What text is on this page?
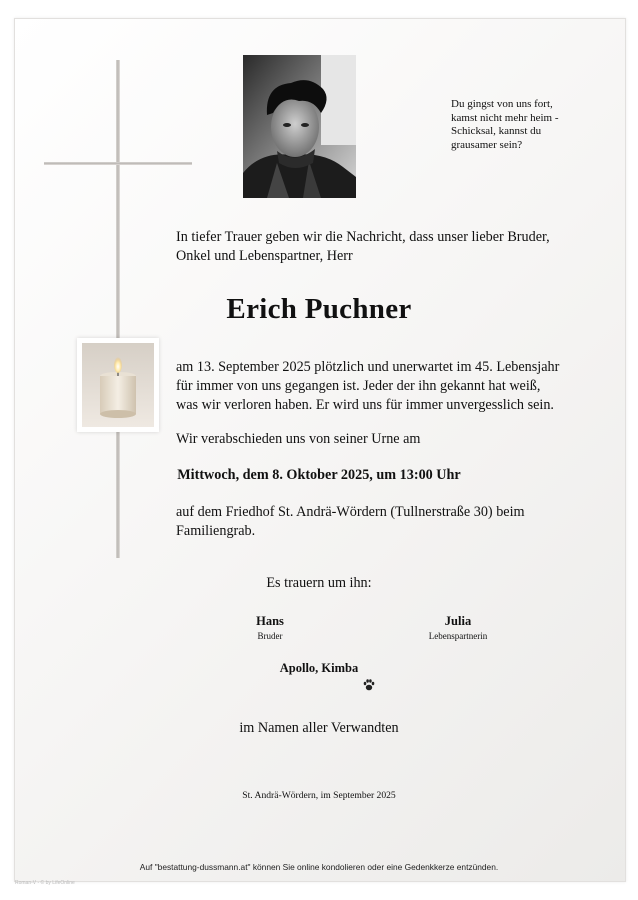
Du gingst von uns fort,
kamst nicht mehr heim -
Schicksal, kannst du
grausamer sein?

In tiefer Trauer geben wir die Nachricht, dass unser lieber Bruder,
Onkel und Lebenspartner, Herr

Erich Puchner

am 13. September 2025 plötzlich und unerwartet im 45. Lebensjahr
für immer von uns gegangen ist. Jeder der ihn gekannt hat weiß,
was wir verloren haben. Er wird uns für immer unvergesslich sein.

Wir verabschieden uns von seiner Urne am

Mittwoch, dem 8. Oktober 2025, um 13:00 Uhr

auf dem Friedhof St. Andrä-Wördern (Tullnerstraße 30) beim
Familiengrab.

Es trauern um ihn:

Hans
Bruder
Julia
Lebenspartnerin

Apollo, Kimba

im Namen aller Verwandten

St. Andrä-Wördern, im September 2025

Auf "bestattung-dussmann.at" können Sie online kondolieren oder eine Gedenkkerze entzünden.

Roman-V - © by LifeOnline
